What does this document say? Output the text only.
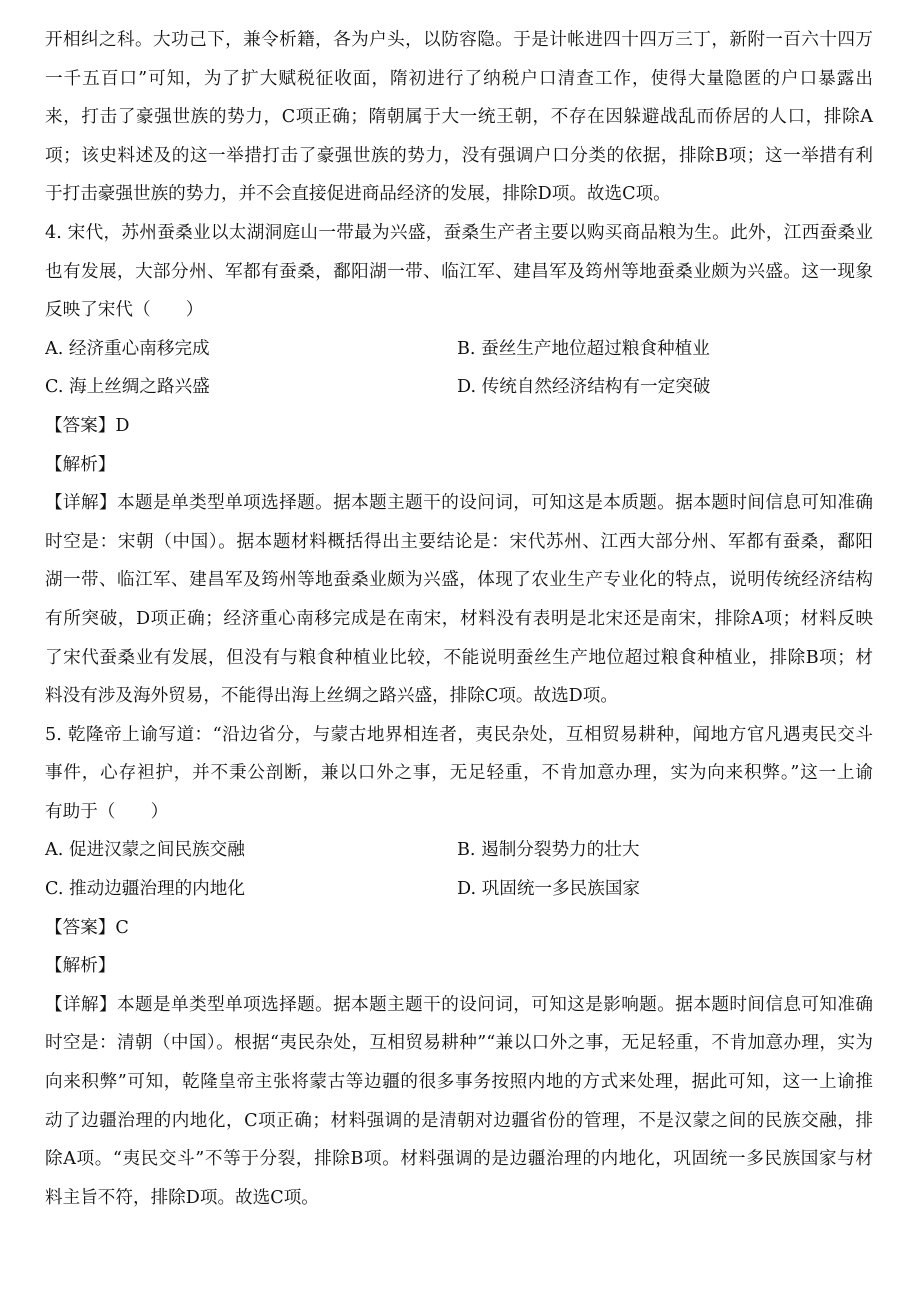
开相纠之科。大功己下，兼令析籍，各为户头，以防容隐。于是计帐进四十四万三丁，新附一百六十四万
一千五百口”可知，为了扩大赋税征收面，隋初进行了纳税户口清查工作，使得大量隐匿的户口暴露出
来，打击了豪强世族的势力，C项正确；隋朝属于大一统王朝，不存在因躲避战乱而侨居的人口，排除A
项；该史料述及的这一举措打击了豪强世族的势力，没有强调户口分类的依据，排除B项；这一举措有利
于打击豪强世族的势力，并不会直接促进商品经济的发展，排除D项。故选C项。
4. 宋代，苏州蚕桑业以太湖洞庭山一带最为兴盛，蚕桑生产者主要以购买商品粮为生。此外，江西蚕桑业
也有发展，大部分州、军都有蚕桑，鄱阳湖一带、临江军、建昌军及筠州等地蚕桑业颇为兴盛。这一现象
反映了宋代（　　）
A. 经济重心南移完成	B. 蚕丝生产地位超过粮食种植业
C. 海上丝绸之路兴盛	D. 传统自然经济结构有一定突破
【答案】D
【解析】
【详解】本题是单类型单项选择题。据本题主题干的设问词，可知这是本质题。据本题时间信息可知准确
时空是：宋朝（中国）。据本题材料概括得出主要结论是：宋代苏州、江西大部分州、军都有蚕桑，鄱阳
湖一带、临江军、建昌军及筠州等地蚕桑业颇为兴盛，体现了农业生产专业化的特点，说明传统经济结构
有所突破，D项正确；经济重心南移完成是在南宋，材料没有表明是北宋还是南宋，排除A项；材料反映
了宋代蚕桑业有发展，但没有与粮食种植业比较，不能说明蚕丝生产地位超过粮食种植业，排除B项；材
料没有涉及海外贸易，不能得出海上丝绸之路兴盛，排除C项。故选D项。
5. 乾隆帝上谕写道：“沿边省分，与蒙古地界相连者，夷民杂处，互相贸易耕种，闻地方官凡遇夷民交斗
事件，心存袒护，并不秉公剖断，兼以口外之事，无足轻重，不肯加意办理，实为向来积弊。”这一上谕
有助于（　　）
A. 促进汉蒙之间民族交融	B. 遏制分裂势力的壮大
C. 推动边疆治理的内地化	D. 巩固统一多民族国家
【答案】C
【解析】
【详解】本题是单类型单项选择题。据本题主题干的设问词，可知这是影响题。据本题时间信息可知准确
时空是：清朝（中国）。根据“夷民杂处，互相贸易耕种”“兼以口外之事，无足轻重，不肯加意办理，实为
向来积弊”可知，乾隆皇帝主张将蒙古等边疆的很多事务按照内地的方式来处理，据此可知，这一上谕推
动了边疆治理的内地化，C项正确；材料强调的是清朝对边疆省份的管理，不是汉蒙之间的民族交融，排
除A项。“夷民交斗”不等于分裂，排除B项。材料强调的是边疆治理的内地化，巩固统一多民族国家与材
料主旨不符，排除D项。故选C项。
